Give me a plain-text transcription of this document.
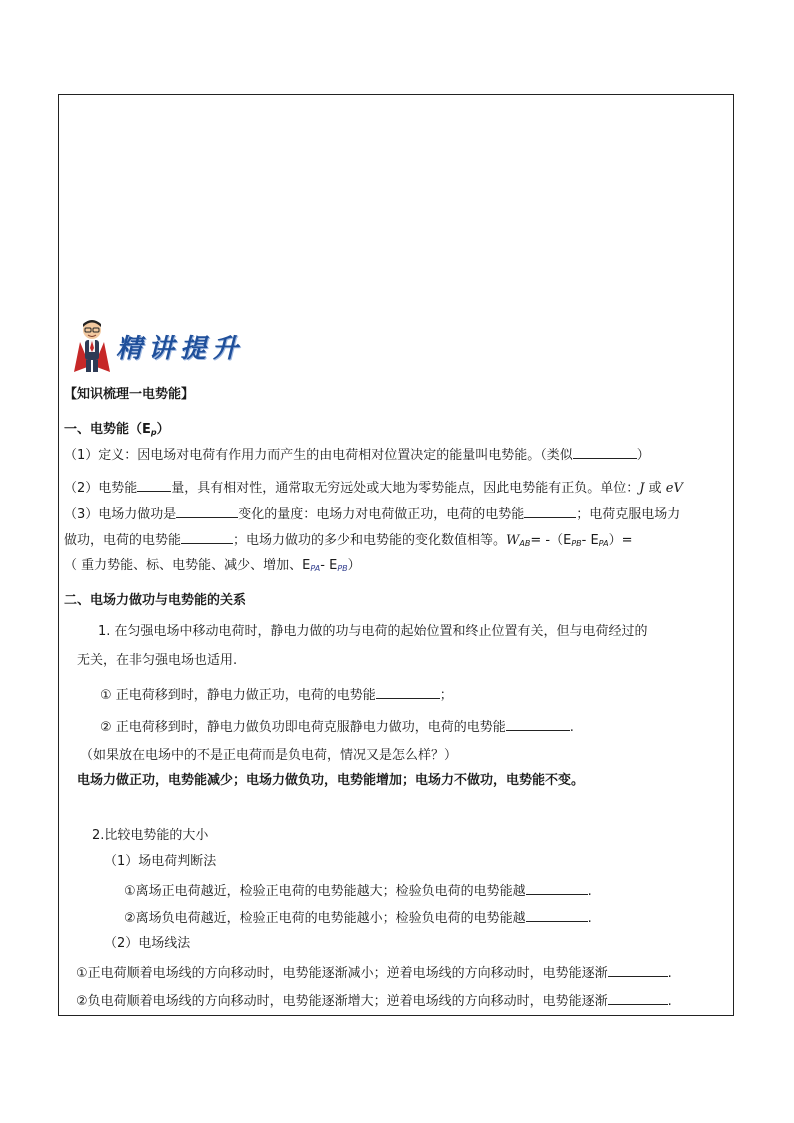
精讲提升
【知识梳理一电势能】
一、电势能$(E_p)$
（1）定义：因电场对电荷有作用力而产生的由电荷相对位置决定的能量叫电势能。（类似	）
（2）电势能	量，具有相对性，通常取无穷远处或大地为零势能点，因此电势能有正负。单位：J 或 eV
（3）电场力做功是	变化的量度：电场力对电荷做正功，电荷的电势能	；电荷克服电场力
做功，电荷的电势能	；电场力做功的多少和电势能的变化数值相等。$W_{AB}= -(E_{PB}-$ $E_{PA})=$
（ 重力势能、标、电势能、减少、增加、$E_{PA}-$ $E_{PB}$）
二、电场力做功与电势能的关系
1. 在匀强电场中移动电荷时，静电力做的功与电荷的起始位置和终止位置有关，但与电荷经过的
无关，在非匀强电场也适用.
① 正电荷移到时，静电力做正功，电荷的电势能	；
② 正电荷移到时，静电力做负功即电荷克服静电力做功，电荷的电势能	.
（如果放在电场中的不是正电荷而是负电荷，情况又是怎么样？）
电场力做正功，电势能减少；电场力做负功，电势能增加；电场力不做功，电势能不变。
2.比较电势能的大小
（1）场电荷判断法
①离场正电荷越近，检验正电荷的电势能越大；检验负电荷的电势能越	.
②离场负电荷越近，检验正电荷的电势能越小；检验负电荷的电势能越	.
（2）电场线法
①正电荷顺着电场线的方向移动时，电势能逐渐减小；逆着电场线的方向移动时，电势能逐渐	.
②负电荷顺着电场线的方向移动时，电势能逐渐增大；逆着电场线的方向移动时，电势能逐渐	.
